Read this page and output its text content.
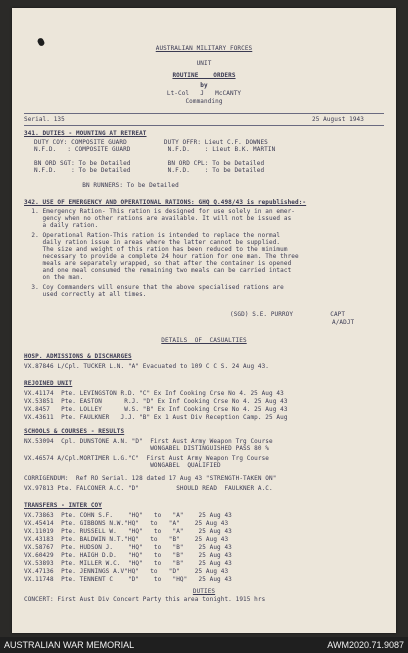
AUSTRALIAN MILITARY FORCES
UNIT
ROUTINE    ORDERS
by
Lt-Col   J   McCANTY
Commanding
Serial. 135	25 August 1943
341. DUTIES - MOUNTING AT RETREAT
DUTY COY: COMPOSITE GUARD          DUTY OFFR: Lieut C.F. DOWNES
N.F.D.   : COMPOSITE GUARD          N.F.D.    : Lieut B.K. MARTIN
BN ORD SGT: To be Detailed          BN ORD CPL: To be Detailed
N.F.D.    : To be Detailed          N.F.D.    : To be Detailed
BN RUNNERS: To be Detailed
342. USE OF EMERGENCY AND OPERATIONAL RATIONS: GHQ Q.498/43 is republished:-
1. Emergency Ration- This ration is designed for use solely in an emer-
gency when no other rations are available. It will not be issued as
a daily ration.
2. Operational Ration-This ration is intended to replace the normal
daily ration issue in areas where the latter cannot be supplied.
The size and weight of this ration has been reduced to the minimum
necessary to provide a complete 24 hour ration for one man. The three
meals are separately wrapped, so that after the container is opened
and one meal consumed the remaining two meals can be carried intact
on the man.
3. Coy Commanders will ensure that the above specialised rations are
used correctly at all times.
(SGD) S.E. PURROY          CAPT
A/ADJT
DETAILS  OF  CASUALTIES
HOSP. ADMISSIONS & DISCHARGES
VX.87846 L/Cpl. TUCKER L.N. "A" Evacuated to 109 C C S. 24 Aug 43.
REJOINED UNIT
VX.41174  Pte. LEVINGSTON R.D. "C" Ex Inf Cooking Crse No 4. 25 Aug 43
VX.53851  Pte. EASTON      R.J. "D" Ex Inf Cooking Crse No 4. 25 Aug 43
VX.8457   Pte. LOLLEY      W.S. "B" Ex Inf Cooking Crse No 4. 25 Aug 43
VX.43611  Pte. FAULKNER   J.J. "B" Ex 1 Aust Div Reception Camp. 25 Aug
SCHOOLS & COURSES - RESULTS
NX.53094  Cpl. DUNSTONE A.N. "D"  First Aust Army Weapon Trg Course
WONGABEL DISTINGUISHED PASS 80 %
VX.46574 A/Cpl.MORTIMER L.G."C"  First Aust Army Weapon Trg Course
WONGABEL  QUALIFIED
CORRIGENDUM:  Ref RO Serial. 128 dated 17 Aug 43 "STRENGTH-TAKEN ON"
VX.97813 Pte. FALCONER A.C. "D"          SHOULD READ  FAULKNER A.C.
TRANSFERS - INTER COY
VX.73863  Pte. COHN S.F.    "HQ"   to   "A"    25 Aug 43
VX.45414  Pte. GIBBONS N.W."HQ"   to   "A"    25 Aug 43
VX.11019  Pte. RUSSELL W.   "HQ"   to   "A"    25 Aug 43
VX.43183  Pte. BALDWIN N.T."HQ"   to   "B"    25 Aug 43
VX.58767  Pte. HUDSON J.    "HQ"   to   "B"    25 Aug 43
VX.60429  Pte. HAIGH D.D.   "HQ"   to   "B"    25 Aug 43
VX.53893  Pte. MILLER W.C.  "HQ"   to   "B"    25 Aug 43
VX.47136  Pte. JENNINGS A.V"HQ"   to   "D"    25 Aug 43
VX.11748  Pte. TENNENT C    "D"    to   "HQ"   25 Aug 43
DUTIES
CONCERT: First Aust Div Concert Party this area tonight. 1915 hrs
AUSTRALIAN WAR MEMORIAL	AWM2020.71.9087
